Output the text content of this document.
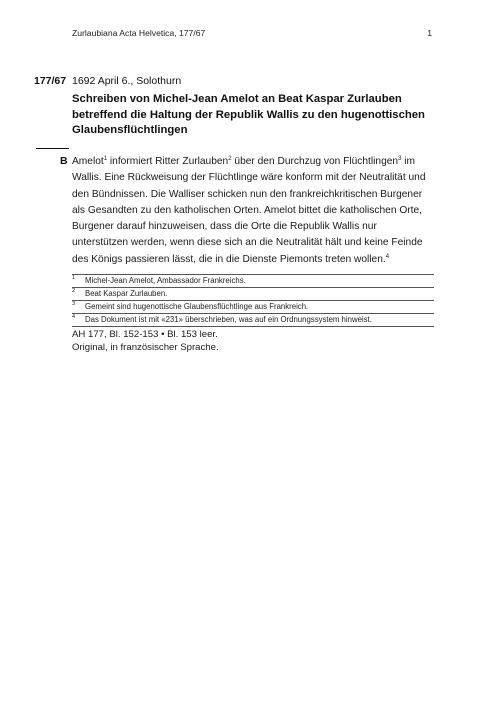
Zurlaubiana Acta Helvetica, 177/67	1
177/67 1692 April 6., Solothurn
Schreiben von Michel-Jean Amelot an Beat Kaspar Zurlauben betreffend die Haltung der Republik Wallis zu den hugenottischen Glaubensflüchtlingen
B Amelot$^1$ informiert Ritter Zurlauben$^2$ über den Durchzug von Flüchtlingen$^3$ im
Wallis. Eine Rückweisung der Flüchtlinge wäre konform mit der Neutralität und
den Bündnissen. Die Walliser schicken nun den frankreichkritischen Burgener
als Gesandten zu den katholischen Orten. Amelot bittet die katholischen Orte,
Burgener darauf hinzuweisen, dass die Orte die Republik Wallis nur
unterstützen werden, wenn diese sich an die Neutralität hält und keine Feinde
des Königs passieren lässt, die in die Dienste Piemonts treten wollen.$^4$
1 Michel-Jean Amelot, Ambassador Frankreichs.
2 Beat Kaspar Zurlauben.
3 Gemeint sind hugenottische Glaubensflüchtlinge aus Frankreich.
4 Das Dokument ist mit «231» überschrieben, was auf ein Ordnungssystem hinweist.
AH 177, Bl. 152-153 • Bl. 153 leer.
Original, in französischer Sprache.
